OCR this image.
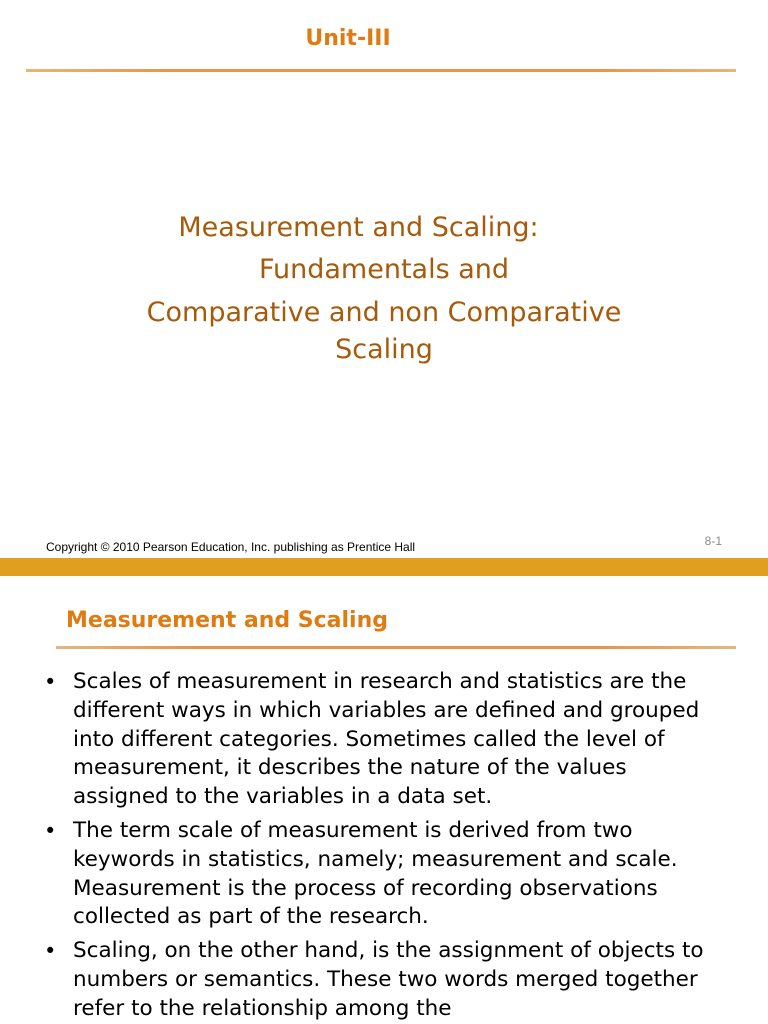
Unit-III
Measurement and Scaling:
Fundamentals and
Comparative and non Comparative
Scaling
Copyright © 2010 Pearson Education, Inc. publishing as Prentice Hall	8-1
Measurement and Scaling
• Scales of measurement in research and statistics are the different ways in which variables are defined and grouped into different categories. Sometimes called the level of measurement, it describes the nature of the values assigned to the variables in a data set.
• The term scale of measurement is derived from two keywords in statistics, namely; measurement and scale. Measurement is the process of recording observations collected as part of the research.
• Scaling, on the other hand, is the assignment of objects to numbers or semantics. These two words merged together refer to the relationship among the
